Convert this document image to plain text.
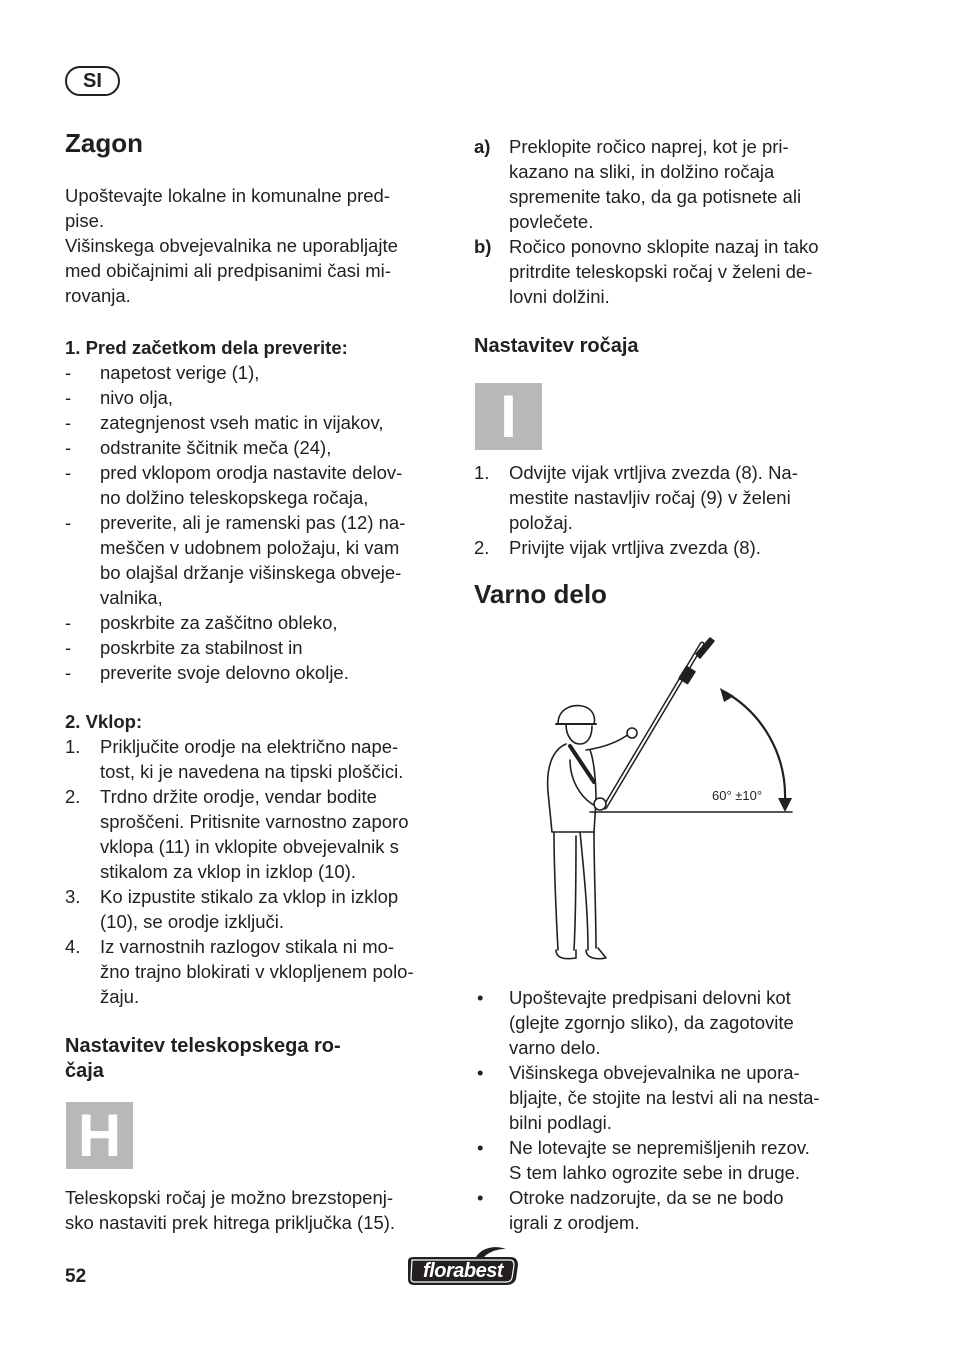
SI
Zagon
Upoštevajte lokalne in komunalne pred-
pise.
Višinskega obvejevalnika ne uporabljajte
med običajnimi ali predpisanimi časi mi-
rovanja.
1. Pred začetkom dela preverite:
- napetost verige (1),
- nivo olja,
- zategnjenost vseh matic in vijakov,
- odstranite ščitnik meča (24),
- pred vklopom orodja nastavite delov-
no dolžino teleskopskega ročaja,
- preverite, ali je ramenski pas (12) na-
meščen v udobnem položaju, ki vam
bo olajšal držanje višinskega obveje-
valnika,
- poskrbite za zaščitno obleko,
- poskrbite za stabilnost in
- preverite svoje delovno okolje.
2. Vklop:
1. Priključite orodje na električno nape-
tost, ki je navedena na tipski ploščici.
2. Trdno držite orodje, vendar bodite
sproščeni. Pritisnite varnostno zaporo
vklopa (11) in vklopite obvejevalnik s
stikalom za vklop in izklop (10).
3. Ko izpustite stikalo za vklop in izklop
(10), se orodje izklјuči.
4. Iz varnostnih razlogov stikala ni mo-
žno trajno blokirati v vklopljenem polo-
žaju.
Nastavitev teleskopskega ro-
čaja
H
Teleskopski ročaj je možno brezstopenj-
sko nastaviti prek hitrega priključka (15).
a) Preklopite ročico naprej, kot je pri-
kazano na sliki, in dolžino ročaja
spremenite tako, da ga potisnete ali
povlečete.
b) Ročico ponovno sklopite nazaj in tako
pritrdite teleskopski ročaj v želeni de-
lovni dolžini.
Nastavitev ročaja
I
1. Odvijte vijak vrtljiva zvezda (8). Na-
mestite nastavljiv ročaj (9) v želeni
položaj.
2. Privijte vijak vrtljiva zvezda (8).
Varno delo
60° ±10°
• Upoštevajte predpisani delovni kot
(glejte zgornjo sliko), da zagotovite
varno delo.
• Višinskega obvejevalnika ne upora-
bljajte, če stojite na lestvi ali na nesta-
bilni podlagi.
• Ne lotevajte se nepremišljenih rezov.
S tem lahko ogrozite sebe in druge.
• Otroke nadzorujte, da se ne bodo
igrali z orodjem.
52	florabest
